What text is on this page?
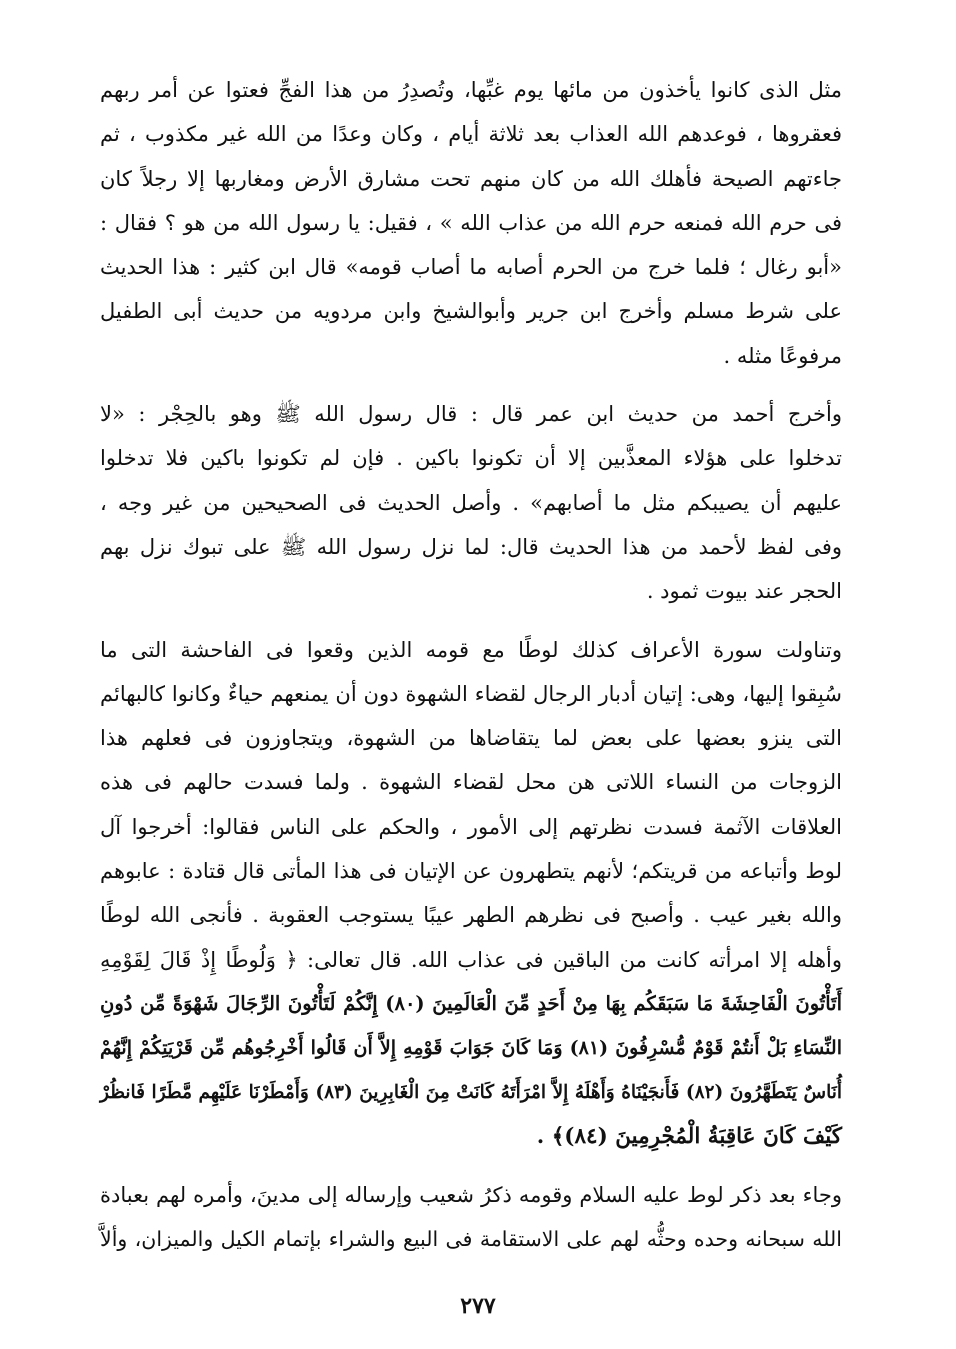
مثل الذى كانوا يأخذون من مائها يوم غبِّها، وتُصدِرُ من هذا الفجِّ فعتوا عن أمر ربهم
فعقروها ، فوعدهم الله العذاب بعد ثلاثة أيام ، وكان وعدًا من الله غير مكذوب ، ثم
جاءتهم الصيحة فأهلك الله من كان منهم تحت مشارق الأرض ومغاربها إلا رجلاً كان
فى حرم الله فمنعه حرم الله من عذاب الله » ، فقيل: يا رسول الله من هو ؟ فقال :
«أبو رغال ؛ فلما خرج من الحرم أصابه ما أصاب قومه» قال ابن كثير : هذا الحديث
على شرط مسلم وأخرج ابن جرير وأبوالشيخ وابن مردويه من حديث أبى الطفيل
مرفوعًا مثله .
وأخرج أحمد من حديث ابن عمر قال : قال رسول الله ﷺ وهو بالحِجْر : «لا
تدخلوا على هؤلاء المعذَّبين إلا أن تكونوا باكين . فإن لم تكونوا باكين فلا تدخلوا
عليهم أن يصيبكم مثل ما أصابهم» . وأصل الحديث فى الصحيحين من غير وجه ،
وفى لفظ لأحمد من هذا الحديث قال: لما نزل رسول الله ﷺ على تبوك نزل بهم
الحجر عند بيوت ثمود .
وتناولت سورة الأعراف كذلك لوطًا مع قومه الذين وقعوا فى الفاحشة التى ما
سُبِقوا إليها، وهى: إتيان أدبار الرجال لقضاء الشهوة دون أن يمنعهم حياءٌ وكانوا كالبهائم
التى ينزو بعضها على بعض لما يتقاضاها من الشهوة، ويتجاوزون فى فعلهم هذا
الزوجات من النساء اللاتى هن محل لقضاء الشهوة . ولما فسدت حالهم فى هذه
العلاقات الآثمة فسدت نظرتهم إلى الأمور ، والحكم على الناس فقالوا: أخرجوا آل
لوط وأتباعه من قريتكم؛ لأنهم يتطهرون عن الإتيان فى هذا المأتى قال قتادة : عابوهم
والله بغير عيب . وأصبح فى نظرهم الطهر عيبًا يستوجب العقوبة . فأنجى الله لوطًا
وأهله إلا امرأته كانت من الباقين فى عذاب الله. قال تعالى: ﴿ وَلُوطًا إِذْ قَالَ لِقَوْمِهِ
أَتَأْتُونَ الْفَاحِشَةَ مَا سَبَقَكُم بِهَا مِنْ أَحَدٍ مِّنَ الْعَالَمِينَ (٨٠) إِنَّكُمْ لَتَأْتُونَ الرِّجَالَ شَهْوَةً مِّن دُونِ
النِّسَاءِ بَلْ أَنتُمْ قَوْمٌ مُّسْرِفُونَ (٨١) وَمَا كَانَ جَوَابَ قَوْمِهِ إِلاَّ أَن قَالُوا أَخْرِجُوهُم مِّن قَرْيَتِكُمْ إِنَّهُمْ
أُنَاسٌ يَتَطَهَّرُونَ (٨٢) فَأَنجَيْنَاهُ وَأَهْلَهُ إِلاَّ امْرَأَتَهُ كَانَتْ مِنَ الْغَابِرِينَ (٨٣) وَأَمْطَرْنَا عَلَيْهِم مَّطَرًا فَانظُرْ
كَيْفَ كَانَ عَاقِبَةُ الْمُجْرِمِينَ (٨٤)﴾ .
وجاء بعد ذكر لوط عليه السلام وقومه ذكرُ شعيب وإرساله إلى مدينَ، وأمره لهم بعبادة
الله سبحانه وحده وحثُّه لهم على الاستقامة فى البيع والشراء بإتمام الكيل والميزان، وألاَّ
٢٧٧
